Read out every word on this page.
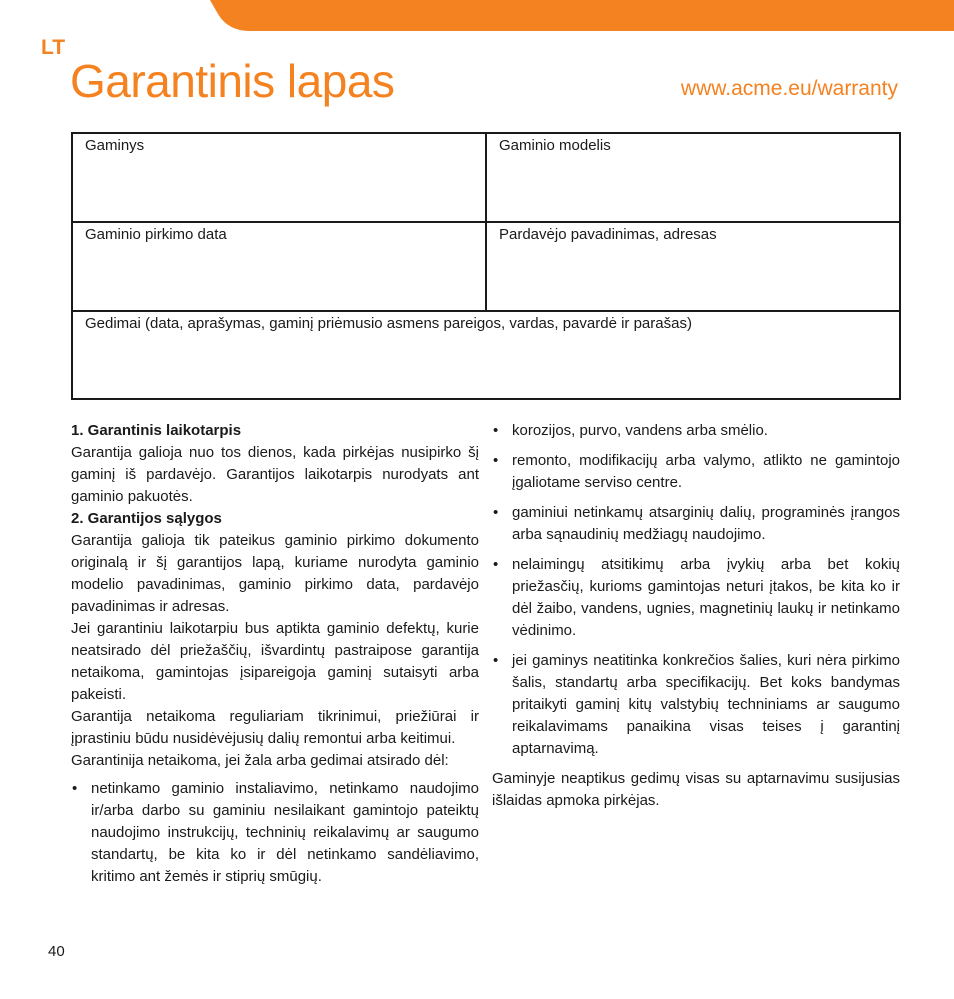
LT
Garantinis lapas	www.acme.eu/warranty
Gaminys	Gaminio modelis
Gaminio pirkimo data	Pardavėjo pavadinimas, adresas
Gedimai (data, aprašymas, gaminį priėmusio asmens pareigos, vardas, pavardė ir parašas)

1. Garantinis laikotarpis

Garantija galioja nuo tos dienos, kada pirkėjas nusipirko šį gaminį iš pardavėjo. Garantijos laikotarpis nurodyats ant gaminio pakuotės.

2. Garantijos sąlygos

Garantija galioja tik pateikus gaminio pirkimo dokumento originalą ir šį garantijos lapą, kuriame nurodyta gaminio modelio pavadinimas, gaminio pirkimo data, pardavėjo pavadinimas ir adresas.

Jei garantiniu laikotarpiu bus aptikta gaminio defektų, kurie neatsirado dėl priežaščių, išvardintų pastraipose garantija netaikoma, gamintojas įsipareigoja gaminį sutaisyti arba pakeisti.

Garantija netaikoma reguliariam tikrinimui, priežiūrai ir įprastiniu būdu nusidėvėjusių dalių remontui arba keitimui.

Garantinija netaikoma, jei žala arba gedimai atsirado dėl:

• netinkamo gaminio instaliavimo, netinkamo naudojimo ir/arba darbo su gaminiu nesilaikant gamintojo pateiktų naudojimo instrukcijų, techninių reikalavimų ar saugumo standartų, be kita ko ir dėl netinkamo sandėliavimo, kritimo ant žemės ir stiprių smūgių.
• korozijos, purvo, vandens arba smėlio.
• remonto, modifikacijų arba valymo, atlikto ne gamintojo įgaliotame serviso centre.
• gaminiui netinkamų atsarginių dalių, programinės įrangos arba sąnaudinių medžiagų naudojimo.
• nelaimingų atsitikimų arba įvykių arba bet kokių priežasčių, kurioms gamintojas neturi įtakos, be kita ko ir dėl žaibo, vandens, ugnies, magnetinių laukų ir netinkamo vėdinimo.
• jei gaminys neatitinka konkrečios šalies, kuri nėra pirkimo šalis, standartų arba specifikacijų. Bet koks bandymas pritaikyti gaminį kitų valstybių techniniams ar saugumo reikalavimams panaikina visas teises į garantinį aptarnavimą.

Gaminyje neaptikus gedimų visas su aptarnavimu susijusias išlaidas apmoka pirkėjas.

40
